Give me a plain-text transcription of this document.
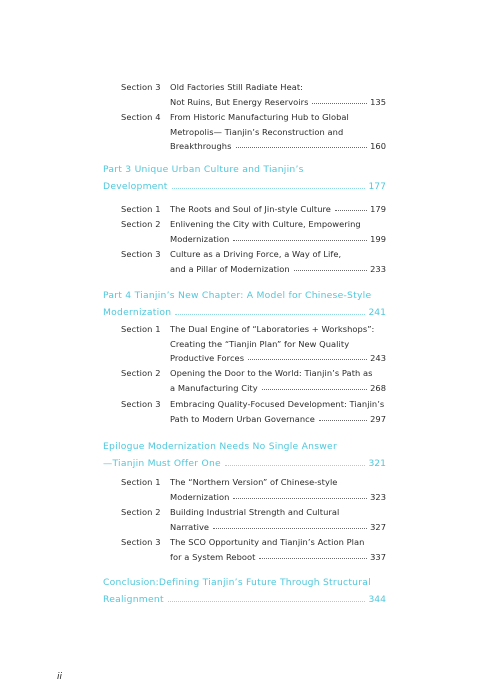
Section 3 Old Factories Still Radiate Heat:
Not Ruins, But Energy Reservoirs	135
Section 4 From Historic Manufacturing Hub to Global
Metropolis— Tianjin’s Reconstruction and
Breakthroughs	160
Part 3 Unique Urban Culture and Tianjin’s
Development	177
Section 1 The Roots and Soul of Jin-style Culture	179
Section 2 Enlivening the City with Culture, Empowering
Modernization	199
Section 3 Culture as a Driving Force, a Way of Life,
and a Pillar of Modernization	233
Part 4 Tianjin’s New Chapter: A Model for Chinese-Style
Modernization	241
Section 1 The Dual Engine of “Laboratories + Workshops”:
Creating the “Tianjin Plan” for New Quality
Productive Forces	243
Section 2 Opening the Door to the World: Tianjin’s Path as
a Manufacturing City	268
Section 3 Embracing Quality-Focused Development: Tianjin’s
Path to Modern Urban Governance	297
Epilogue Modernization Needs No Single Answer
—Tianjin Must Offer One	321
Section 1 The “Northern Version” of Chinese-style
Modernization	323
Section 2 Building Industrial Strength and Cultural
Narrative	327
Section 3 The SCO Opportunity and Tianjin’s Action Plan
for a System Reboot	337
Conclusion:Defining Tianjin’s Future Through Structural
Realignment	344
ii
